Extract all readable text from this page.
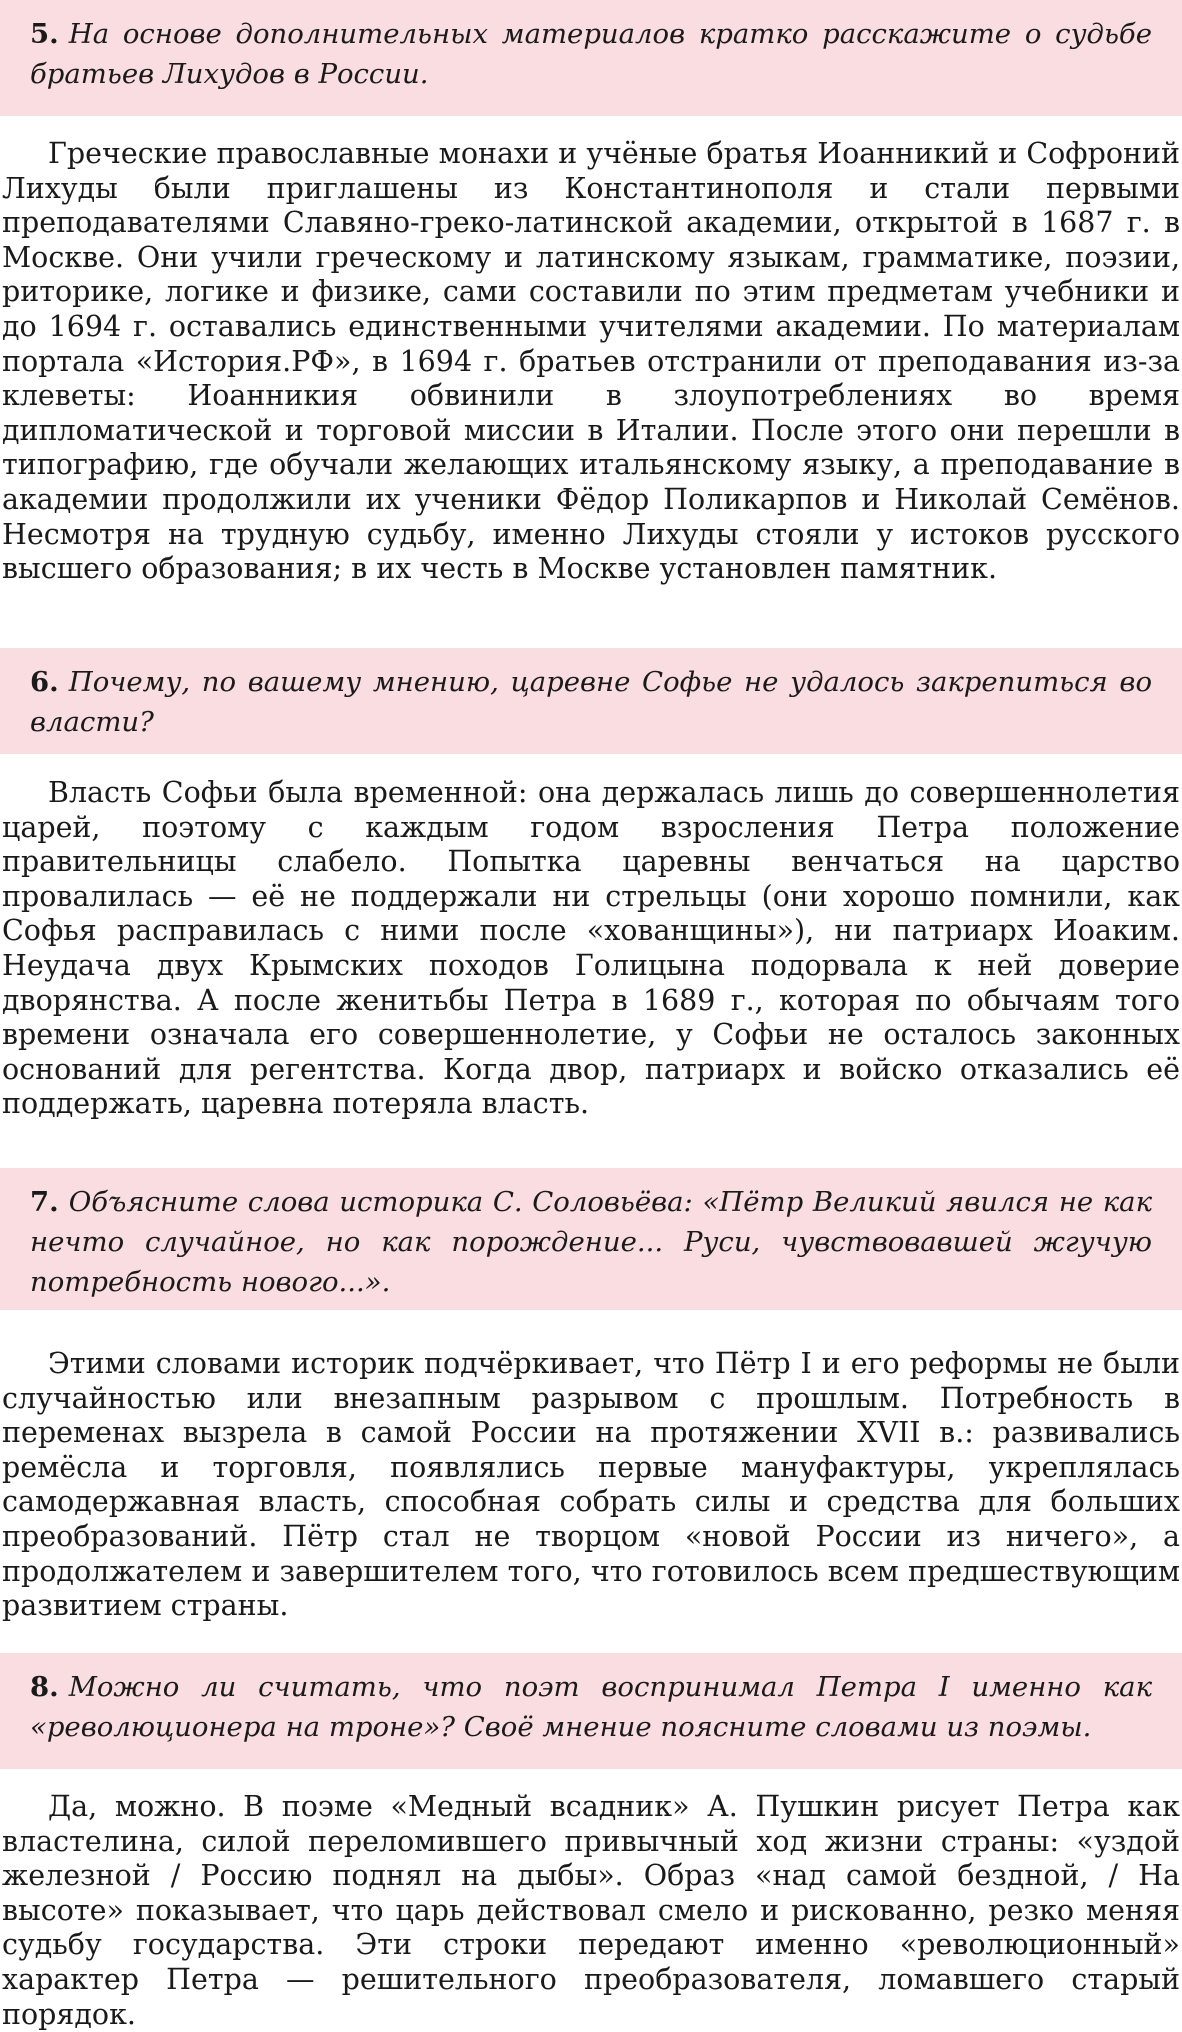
5. На основе дополнительных материалов кратко расскажите о судьбе братьев Лихудов в России.

Греческие православные монахи и учёные братья Иоанникий и Софроний Лихуды были приглашены из Константинополя и стали первыми преподавателями Славяно-греко-латинской академии, открытой в 1687 г. в Москве. Они учили греческому и латинскому языкам, грамматике, поэзии, риторике, логике и физике, сами составили по этим предметам учебники и до 1694 г. оставались единственными учителями академии. По материалам портала «История.РФ», в 1694 г. братьев отстранили от преподавания из-за клеветы: Иоанникия обвинили в злоупотреблениях во время дипломатической и торговой миссии в Италии. После этого они перешли в типографию, где обучали желающих итальянскому языку, а преподавание в академии продолжили их ученики Фёдор Поликарпов и Николай Семёнов. Несмотря на трудную судьбу, именно Лихуды стояли у истоков русского высшего образования; в их честь в Москве установлен памятник.

6. Почему, по вашему мнению, царевне Софье не удалось закрепиться во власти?

Власть Софьи была временной: она держалась лишь до совершеннолетия царей, поэтому с каждым годом взросления Петра положение правительницы слабело. Попытка царевны венчаться на царство провалилась — её не поддержали ни стрельцы (они хорошо помнили, как Софья расправилась с ними после «хованщины»), ни патриарх Иоаким. Неудача двух Крымских походов Голицына подорвала к ней доверие дворянства. А после женитьбы Петра в 1689 г., которая по обычаям того времени означала его совершеннолетие, у Софьи не осталось законных оснований для регентства. Когда двор, патриарх и войско отказались её поддержать, царевна потеряла власть.

7. Объясните слова историка С. Соловьёва: «Пётр Великий явился не как нечто случайное, но как порождение... Руси, чувствовавшей жгучую потребность нового...».

Этими словами историк подчёркивает, что Пётр I и его реформы не были случайностью или внезапным разрывом с прошлым. Потребность в переменах вызрела в самой России на протяжении XVII в.: развивались ремёсла и торговля, появлялись первые мануфактуры, укреплялась самодержавная власть, способная собрать силы и средства для больших преобразований. Пётр стал не творцом «новой России из ничего», а продолжателем и завершителем того, что готовилось всем предшествующим развитием страны.

8. Можно ли считать, что поэт воспринимал Петра I именно как «революционера на троне»? Своё мнение поясните словами из поэмы.

Да, можно. В поэме «Медный всадник» А. Пушкин рисует Петра как властелина, силой переломившего привычный ход жизни страны: «уздой железной / Россию поднял на дыбы». Образ «над самой бездной, / На высоте» показывает, что царь действовал смело и рискованно, резко меняя судьбу государства. Эти строки передают именно «революционный» характер Петра — решительного преобразователя, ломавшего старый порядок.
